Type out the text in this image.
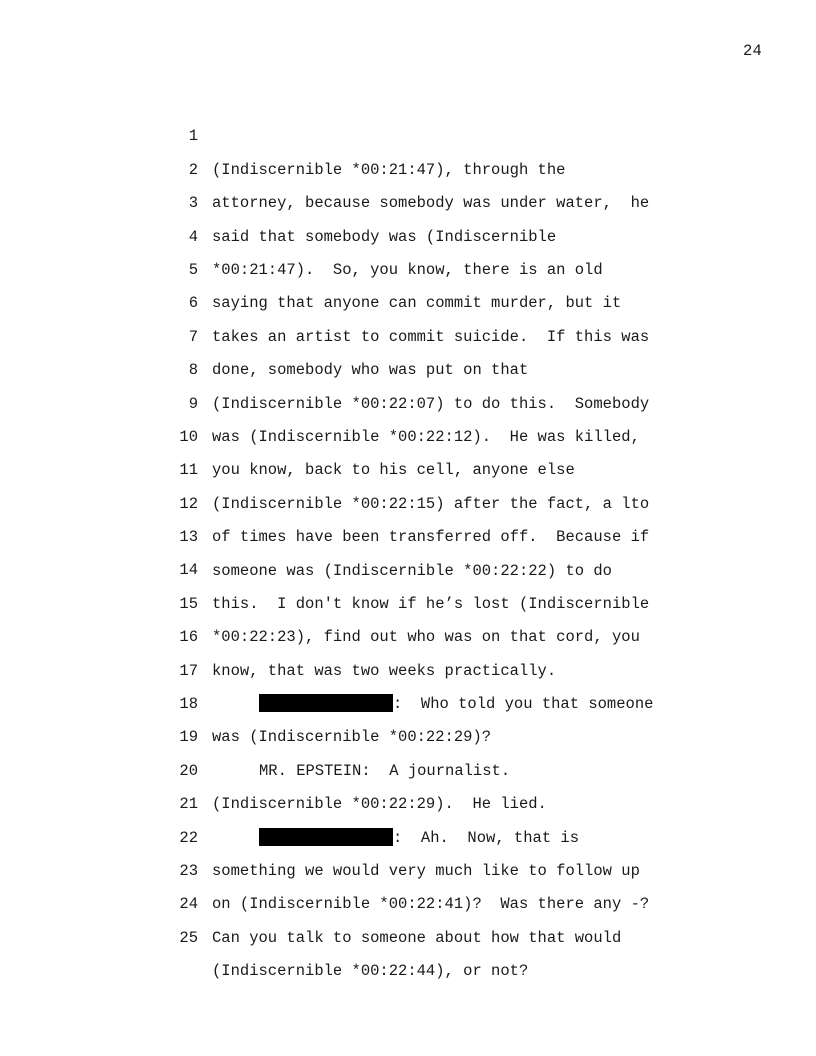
24

1

(Indiscernible *00:21:47), through the

2

attorney, because somebody was under water,  he

3

said that somebody was (Indiscernible

4

*00:21:47).  So, you know, there is an old

5

saying that anyone can commit murder, but it

6

takes an artist to commit suicide.  If this was

7

done, somebody who was put on that

8

(Indiscernible *00:22:07) to do this.  Somebody

9

was (Indiscernible *00:22:12).  He was killed,

10

you know, back to his cell, anyone else

11

(Indiscernible *00:22:15) after the fact, a lto

12

of times have been transferred off.  Because if

13

someone was (Indiscernible *00:22:22) to do

14

this.  I don't know if he’s lost (Indiscernible

15

*00:22:23), find out who was on that cord, you

16

know, that was two weeks practically.

17

:  Who told you that someone

18

was (Indiscernible *00:22:29)?

19

MR. EPSTEIN:  A journalist.

20

(Indiscernible *00:22:29).  He lied.

21

:  Ah.  Now, that is

22

something we would very much like to follow up

23

on (Indiscernible *00:22:41)?  Was there any -?

24

Can you talk to someone about how that would

25

(Indiscernible *00:22:44), or not?
